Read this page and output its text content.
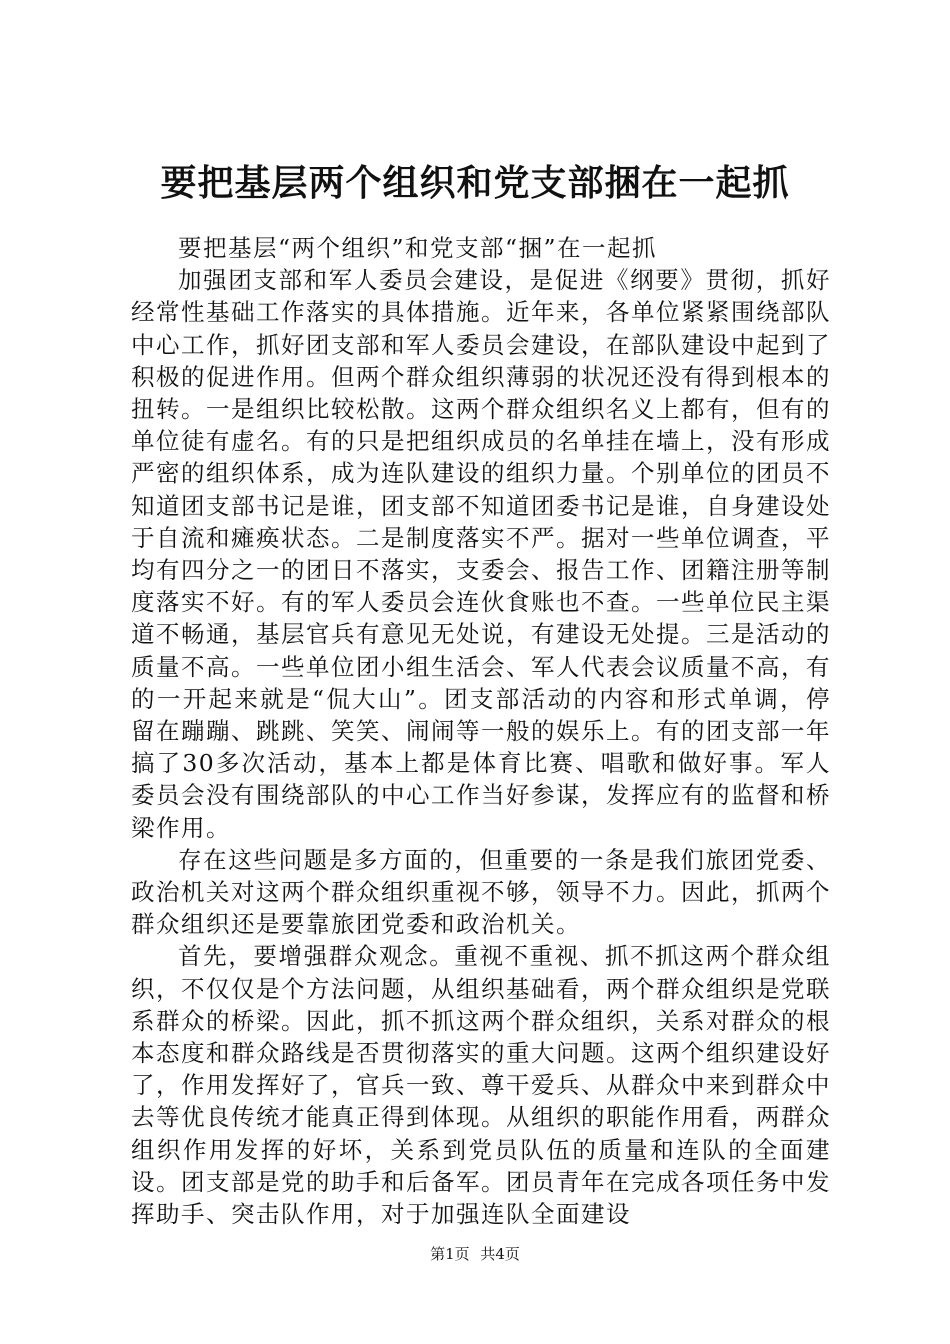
要把基层两个组织和党支部捆在一起抓

要把基层“两个组织”和党支部“捆”在一起抓

加强团支部和军人委员会建设，是促进《纲要》贯彻，抓好经常性基础工作落实的具体措施。近年来，各单位紧紧围绕部队中心工作，抓好团支部和军人委员会建设，在部队建设中起到了积极的促进作用。但两个群众组织薄弱的状况还没有得到根本的扭转。一是组织比较松散。这两个群众组织名义上都有，但有的单位徒有虚名。有的只是把组织成员的名单挂在墙上，没有形成严密的组织体系，成为连队建设的组织力量。个别单位的团员不知道团支部书记是谁，团支部不知道团委书记是谁，自身建设处于自流和瘫痪状态。二是制度落实不严。据对一些单位调查，平均有四分之一的团日不落实，支委会、报告工作、团籍注册等制度落实不好。有的军人委员会连伙食账也不查。一些单位民主渠道不畅通，基层官兵有意见无处说，有建设无处提。三是活动的质量不高。一些单位团小组生活会、军人代表会议质量不高，有的一开起来就是“侃大山”。团支部活动的内容和形式单调，停留在蹦蹦、跳跳、笑笑、闹闹等一般的娱乐上。有的团支部一年搞了30多次活动，基本上都是体育比赛、唱歌和做好事。军人委员会没有围绕部队的中心工作当好参谋，发挥应有的监督和桥梁作用。

存在这些问题是多方面的，但重要的一条是我们旅团党委、政治机关对这两个群众组织重视不够，领导不力。因此，抓两个群众组织还是要靠旅团党委和政治机关。

首先，要增强群众观念。重视不重视、抓不抓这两个群众组织，不仅仅是个方法问题，从组织基础看，两个群众组织是党联系群众的桥梁。因此，抓不抓这两个群众组织，关系对群众的根本态度和群众路线是否贯彻落实的重大问题。这两个组织建设好了，作用发挥好了，官兵一致、尊干爱兵、从群众中来到群众中去等优良传统才能真正得到体现。从组织的职能作用看，两群众组织作用发挥的好坏，关系到党员队伍的质量和连队的全面建设。团支部是党的助手和后备军。团员青年在完成各项任务中发挥助手、突击队作用，对于加强连队全面建设

第1页 共4页
